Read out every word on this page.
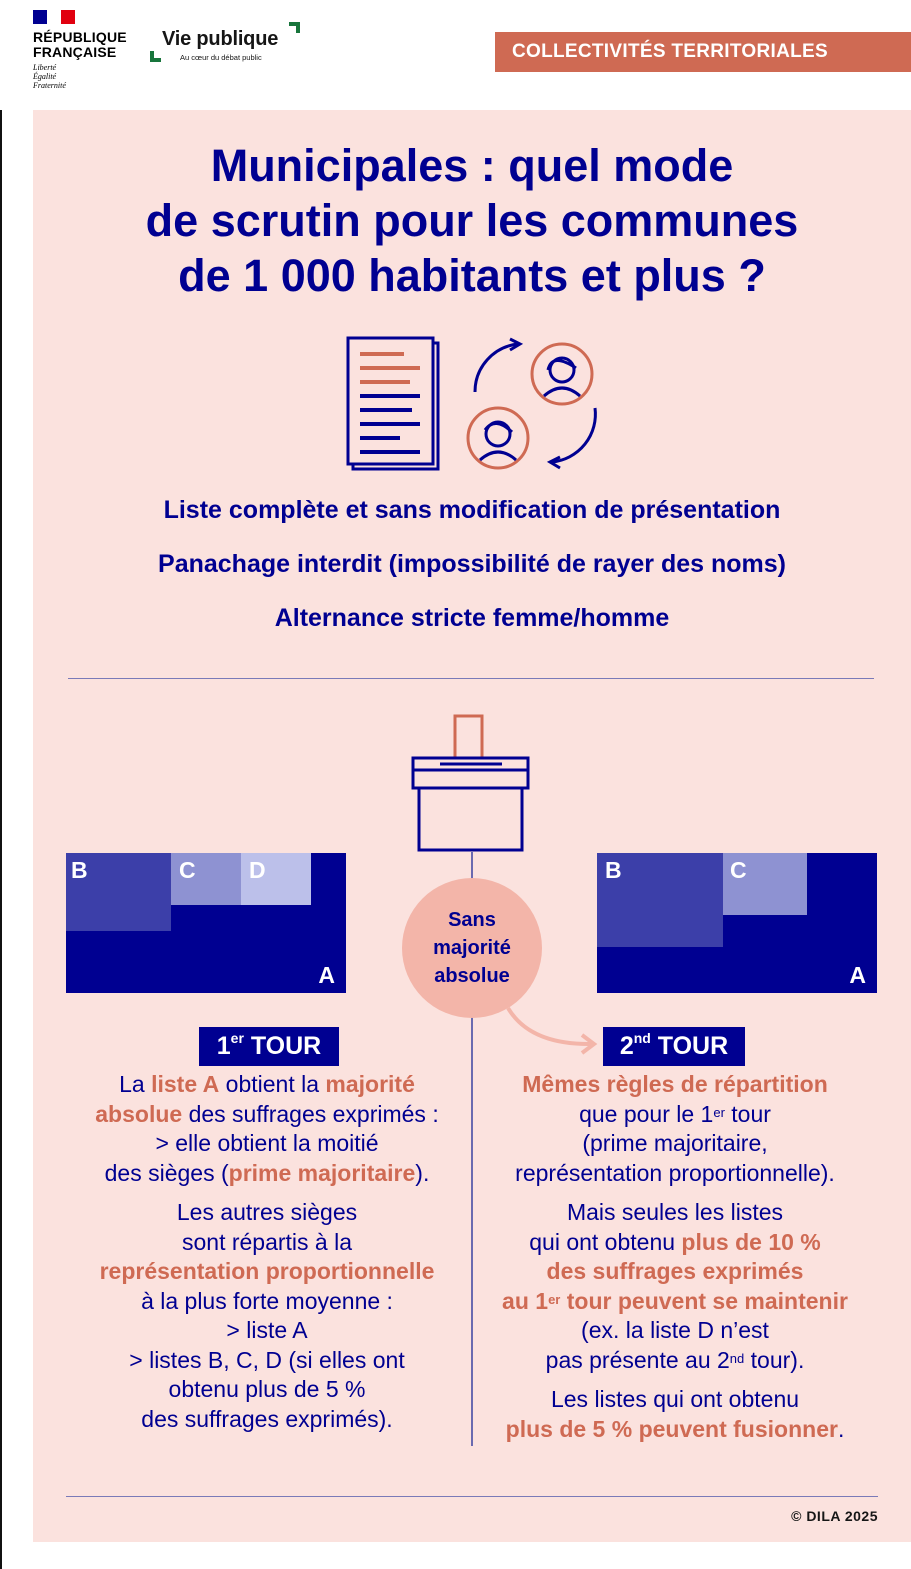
RÉPUBLIQUE
FRANÇAISE
Liberté
Égalité
Fraternité
Vie publique
Au cœur du débat public	COLLECTIVITÉS TERRITORIALES
Municipales : quel mode
de scrutin pour les communes
de 1 000 habitants et plus ?
Liste complète et sans modification de présentation
Panachage interdit (impossibilité de rayer des noms)
Alternance stricte femme/homme
B	C D
A
B	C
A
Sans
majorité
absolue
1er TOUR	2nd TOUR

La liste A obtient la majorité

absolue des suffrages exprimés :

> elle obtient la moitié

des sièges (prime majoritaire).

Les autres sièges

sont répartis à la

représentation proportionnelle

à la plus forte moyenne :

> liste A

> listes B, C, D (si elles ont

obtenu plus de 5 %

des suffrages exprimés).

Mêmes règles de répartition

que pour le 1er tour

(prime majoritaire,

représentation proportionnelle).

Mais seules les listes

qui ont obtenu plus de 10 %

des suffrages exprimés

au 1er tour peuvent se maintenir

(ex. la liste D n’est

pas présente au 2nd tour).

Les listes qui ont obtenu

plus de 5 % peuvent fusionner.

© DILA 2025
